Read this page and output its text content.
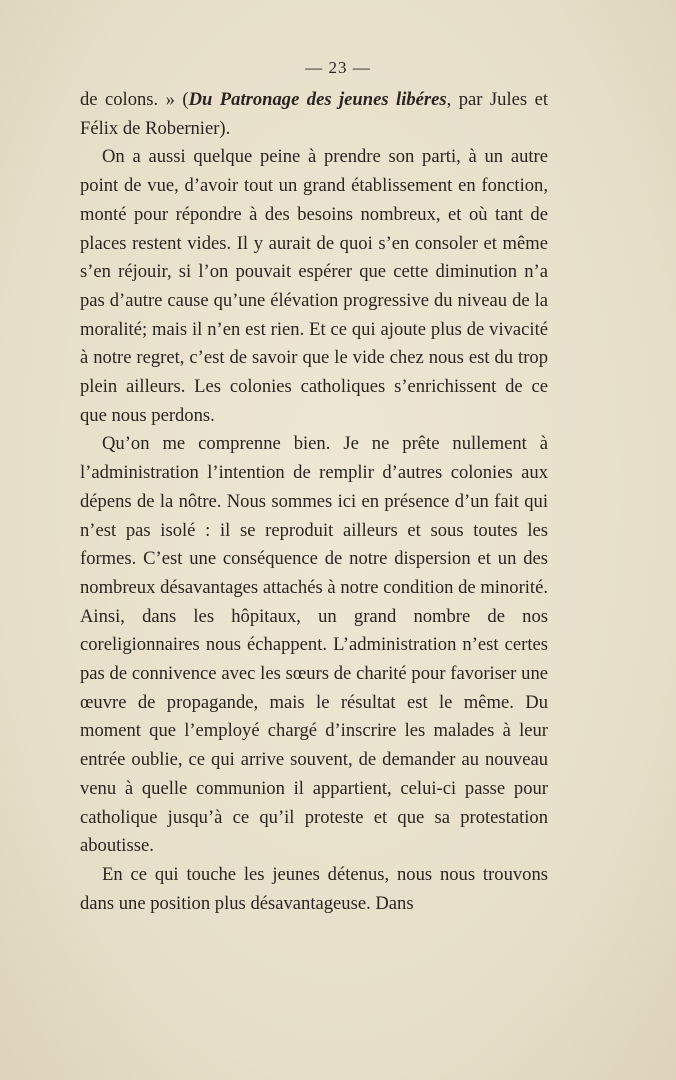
— 23 —

de colons. » (Du Patronage des jeunes libéres, par Jules et Félix de Robernier).

On a aussi quelque peine à prendre son parti, à un autre point de vue, d’avoir tout un grand établissement en fonction, monté pour répondre à des besoins nombreux, et où tant de places restent vides. Il y aurait de quoi s’en consoler et même s’en réjouir, si l’on pouvait espérer que cette diminution n’a pas d’autre cause qu’une élévation progressive du niveau de la moralité; mais il n’en est rien. Et ce qui ajoute plus de vivacité à notre regret, c’est de savoir que le vide chez nous est du trop plein ailleurs. Les colonies catholiques s’enrichissent de ce que nous perdons.

Qu’on me comprenne bien. Je ne prête nullement à l’administration l’intention de remplir d’autres colonies aux dépens de la nôtre. Nous sommes ici en présence d’un fait qui n’est pas isolé : il se reproduit ailleurs et sous toutes les formes. C’est une conséquence de notre dispersion et un des nombreux désavantages attachés à notre condition de minorité. Ainsi, dans les hôpitaux, un grand nombre de nos coreligionnaires nous échappent. L’administration n’est certes pas de connivence avec les sœurs de charité pour favoriser une œuvre de propagande, mais le résultat est le même. Du moment que l’employé chargé d’inscrire les malades à leur entrée oublie, ce qui arrive souvent, de demander au nouveau venu à quelle communion il appartient, celui-ci passe pour catholique jusqu’à ce qu’il proteste et que sa protestation aboutisse.

En ce qui touche les jeunes détenus, nous nous trouvons dans une position plus désavantageuse. Dans
